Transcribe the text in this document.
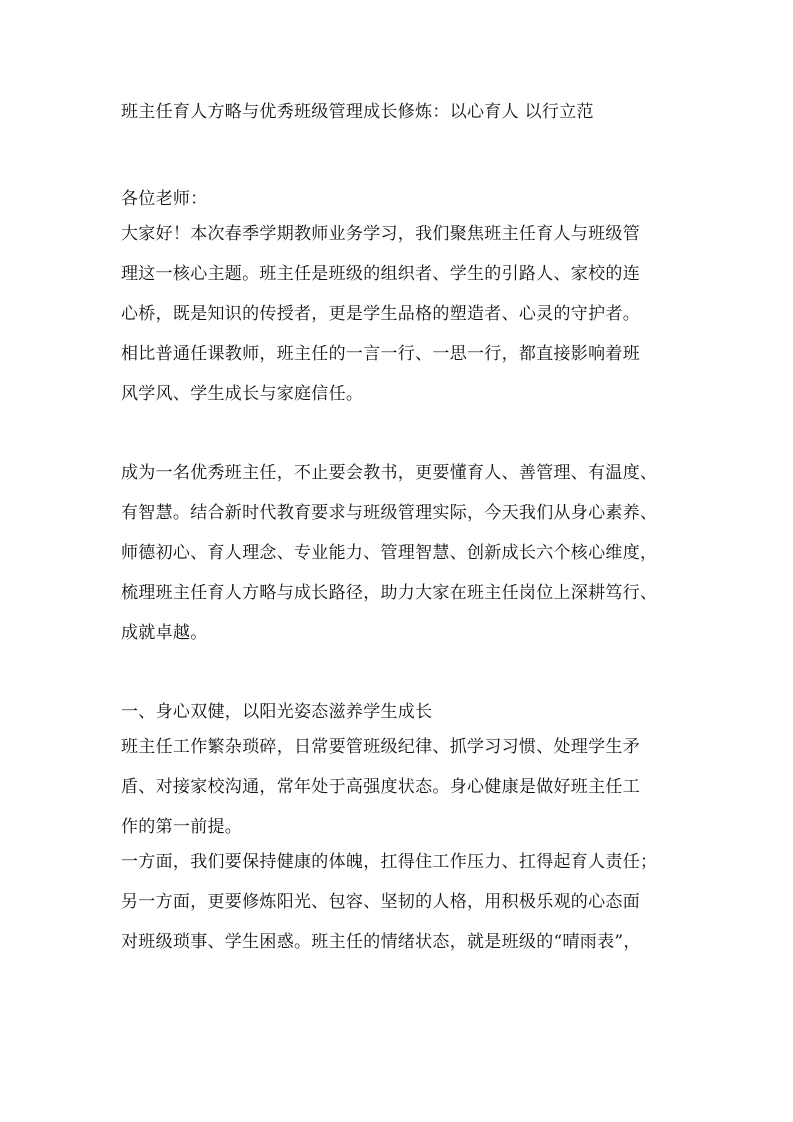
班主任育人方略与优秀班级管理成长修炼：以心育人 以行立范
各位老师：
大家好！本次春季学期教师业务学习，我们聚焦班主任育人与班级管
理这一核心主题。班主任是班级的组织者、学生的引路人、家校的连
心桥，既是知识的传授者，更是学生品格的塑造者、心灵的守护者。
相比普通任课教师，班主任的一言一行、一思一行，都直接影响着班
风学风、学生成长与家庭信任。
成为一名优秀班主任，不止要会教书，更要懂育人、善管理、有温度、
有智慧。结合新时代教育要求与班级管理实际，今天我们从身心素养、
师德初心、育人理念、专业能力、管理智慧、创新成长六个核心维度，
梳理班主任育人方略与成长路径，助力大家在班主任岗位上深耕笃行、
成就卓越。
一、身心双健，以阳光姿态滋养学生成长
班主任工作繁杂琐碎，日常要管班级纪律、抓学习习惯、处理学生矛
盾、对接家校沟通，常年处于高强度状态。身心健康是做好班主任工
作的第一前提。
一方面，我们要保持健康的体魄，扛得住工作压力、扛得起育人责任；
另一方面，更要修炼阳光、包容、坚韧的人格，用积极乐观的心态面
对班级琐事、学生困惑。班主任的情绪状态，就是班级的“晴雨表”，
